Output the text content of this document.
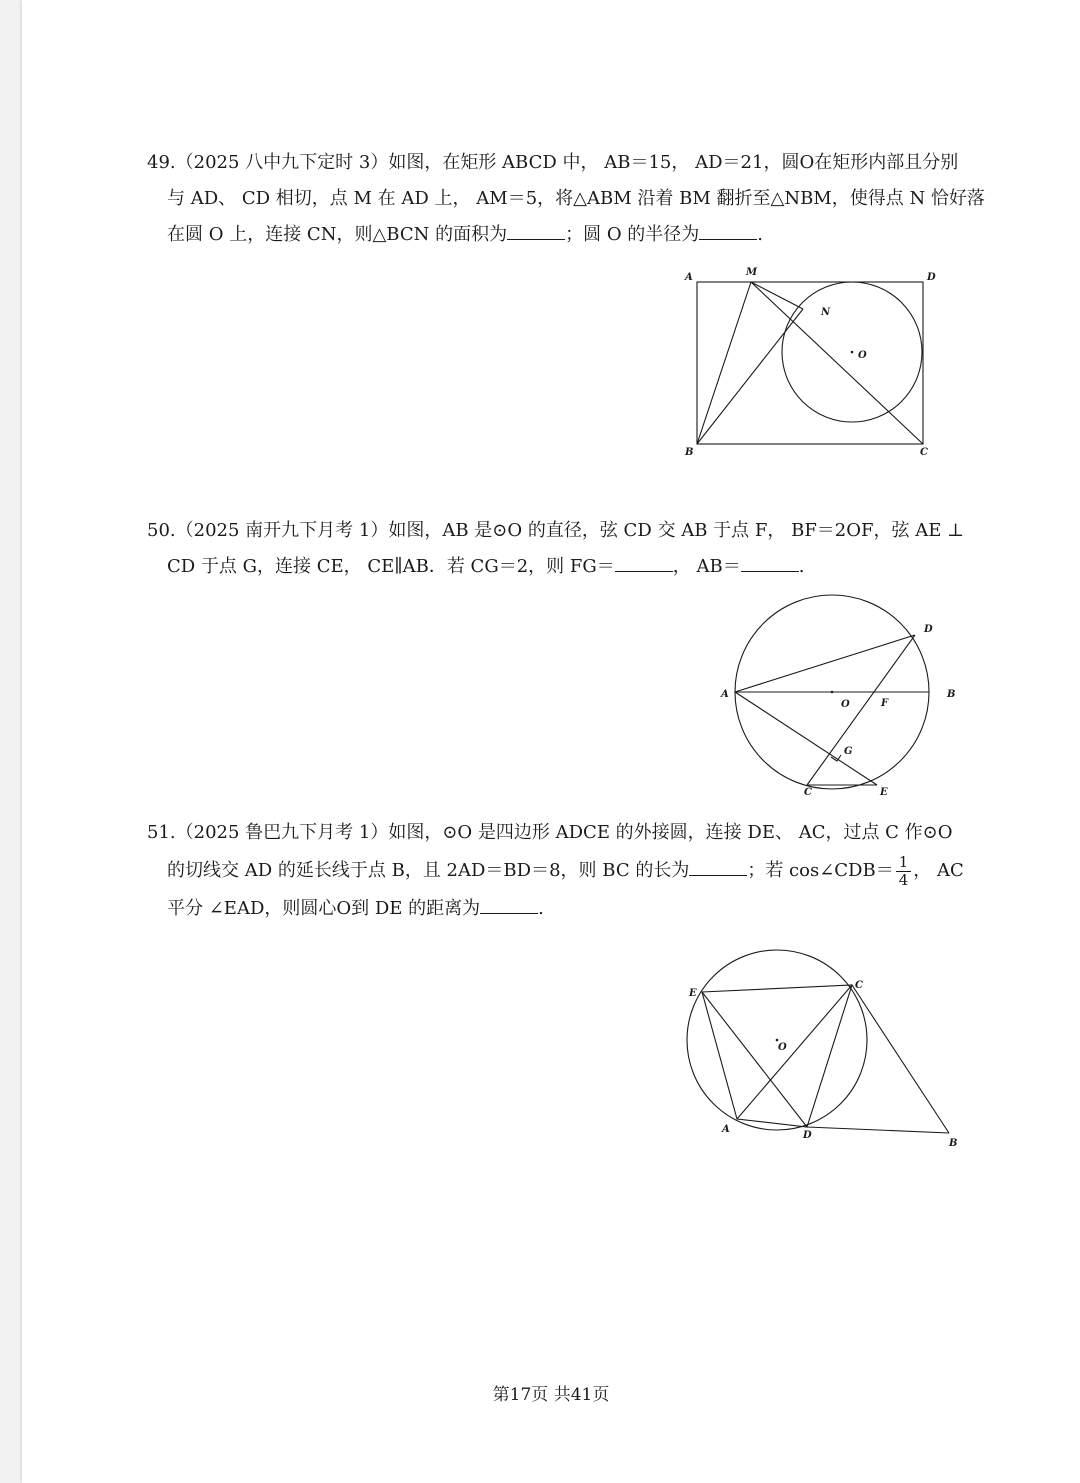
49.（2025 八中九下定时 3）如图，在矩形 ABCD 中， AB＝15， AD＝21，圆O在矩形内部且分别
与 AD、 CD 相切，点 M 在 AD 上， AM＝5，将△ABM 沿着 BM 翻折至△NBM，使得点 N 恰好落
在圆 O 上，连接 CN，则△BCN 的面积为	；圆 O 的半径为	.
A	M	D
N
O
B	C
50.（2025 南开九下月考 1）如图，AB 是⊙O 的直径，弦 CD 交 AB 于点 F， BF＝2OF，弦 AE ⊥
CD 于点 G，连接 CE， CE∥AB．若 CG＝2，则 FG＝	， AB＝	.
D
A
O	F
B
G
C	E
51.（2025 鲁巴九下月考 1）如图，⊙O 是四边形 ADCE 的外接圆，连接 DE、 AC，过点 C 作⊙O
的切线交 AD 的延长线于点 B，且 2AD＝BD＝8，则 BC 的长为	；若 cos∠CDB＝ $\frac{1}{4}$ ， AC
平分 ∠EAD，则圆心O到 DE 的距离为	.
E
C
O
A
D
B
第17页 共41页
